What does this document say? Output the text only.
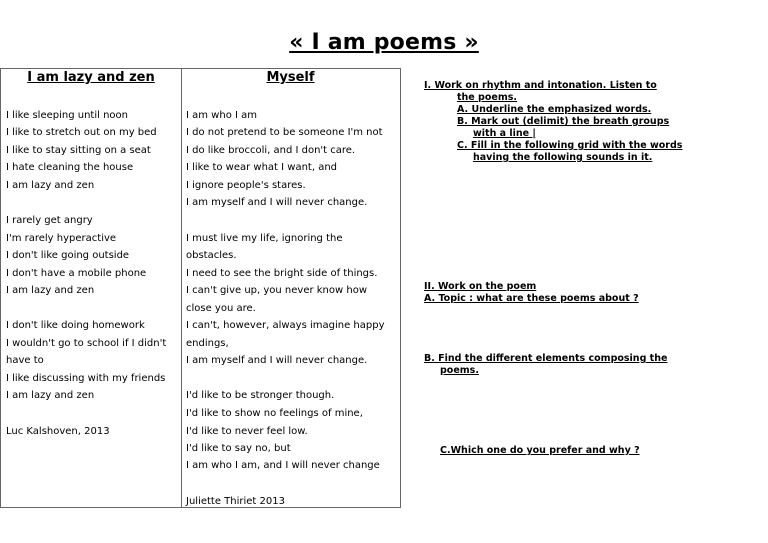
« I am poems »
I am lazy and zen

I like sleeping until noon

I like to stretch out on my bed

I like to stay sitting on a seat

I hate cleaning the house

I am lazy and zen

I rarely get angry

I'm rarely hyperactive

I don't like going outside

I don't have a mobile phone

I am lazy and zen

I don't like doing homework

I wouldn't go to school if I didn't

have to

I like discussing with my friends

I am lazy and zen

Luc Kalshoven, 2013

Myself

I am who I am

I do not pretend to be someone I'm not

I do like broccoli, and I don't care.

I like to wear what I want, and

I ignore people's stares.

I am myself and I will never change.

I must live my life, ignoring the

obstacles.

I need to see the bright side of things.

I can't give up, you never know how

close you are.

I can't, however, always imagine happy

endings,

I am myself and I will never change.

I'd like to be stronger though.

I'd like to show no feelings of mine,

I'd like to never feel low.

I'd like to say no, but

I am who I am, and I will never change

Juliette Thiriet 2013

I. Work on rhythm and intonation. Listen to

the poems.

A. Underline the emphasized words.

B. Mark out (delimit) the breath groups

with a line |

C. Fill in the following grid with the words

having the following sounds in it.

II. Work on the poem

A. Topic : what are these poems about ?

B. Find the different elements composing the

poems.

C.Which one do you prefer and why ?
